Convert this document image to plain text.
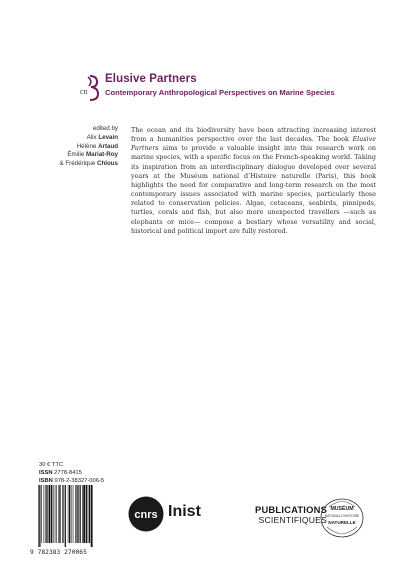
cn
Elusive Partners
Contemporary Anthropological Perspectives on Marine Species
edited by
Alix Levain
Hélène Artaud
Émilie Mariat-Roy
& Frédérique Chlous

The ocean and its biodiversity have been attracting increasing interest from a humanities perspective over the last decades. The book Elusive Partners aims to provide a valuable insight into this research work on marine species, with a specific focus on the French-speaking world. Taking its inspiration from an interdisciplinary dialogue developed over several years at the Muséum national d’Histoire naturelle (Paris), this book highlights the need for comparative and long-term research on the most contemporary issues associated with marine species, particularly those related to conservation policies. Algae, cetaceans, seabirds, pinnipeds, turtles, corals and fish, but also more unexpected travellers —such as elephants or mice— compose a bestiary whose versatility and social, historical and political import are fully restored.

30 € TTC
ISSN 2778-8415
ISBN 978-2-38327-006-5
9 782383 270065
cnrs Inist	PUBLICATIONS
SCIENTIFIQUES
MUSÉUM
NATIONAL D'HISTOIRE
NATURELLE
